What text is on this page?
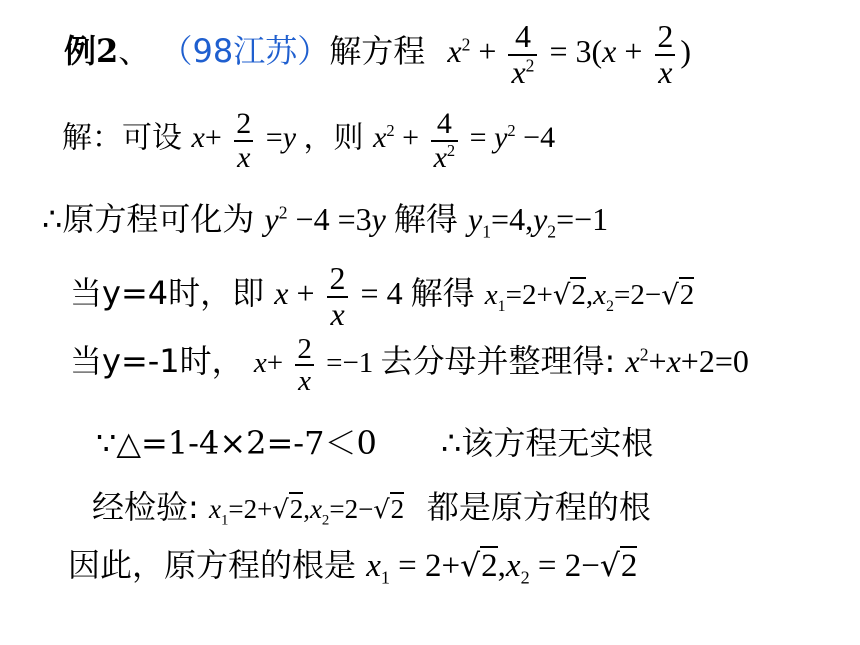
例2、 （98江苏）解方程 $x^2 + \frac{4}{x^2} = 3(x + \frac{2}{x}$ )
解：可设 $x+ \frac{2}{x} =y$ ，则 $x^2 + \frac{4}{x^2} = y^2 -4$
∴原方程可化为 $y^2 -4 =3y$ 解得 $y_1=4,y_2=-1$
当y=4时，即 $x + \frac{2}{x} = 4$ 解得 $x_1=2+√2,x_2=2-√2$
当y=-1时， $x+ \frac{2}{x} =-1$ 去分母并整理得: $x^2+x+2=0$
∵△=1-4×2=-7＜0 ∴该方程无实根
经检验: $x_1=2+√2,x_2=2-√2$ 都是原方程的根
因此，原方程的根是 $x_1 = 2+√2,x_2 = 2-√2$
